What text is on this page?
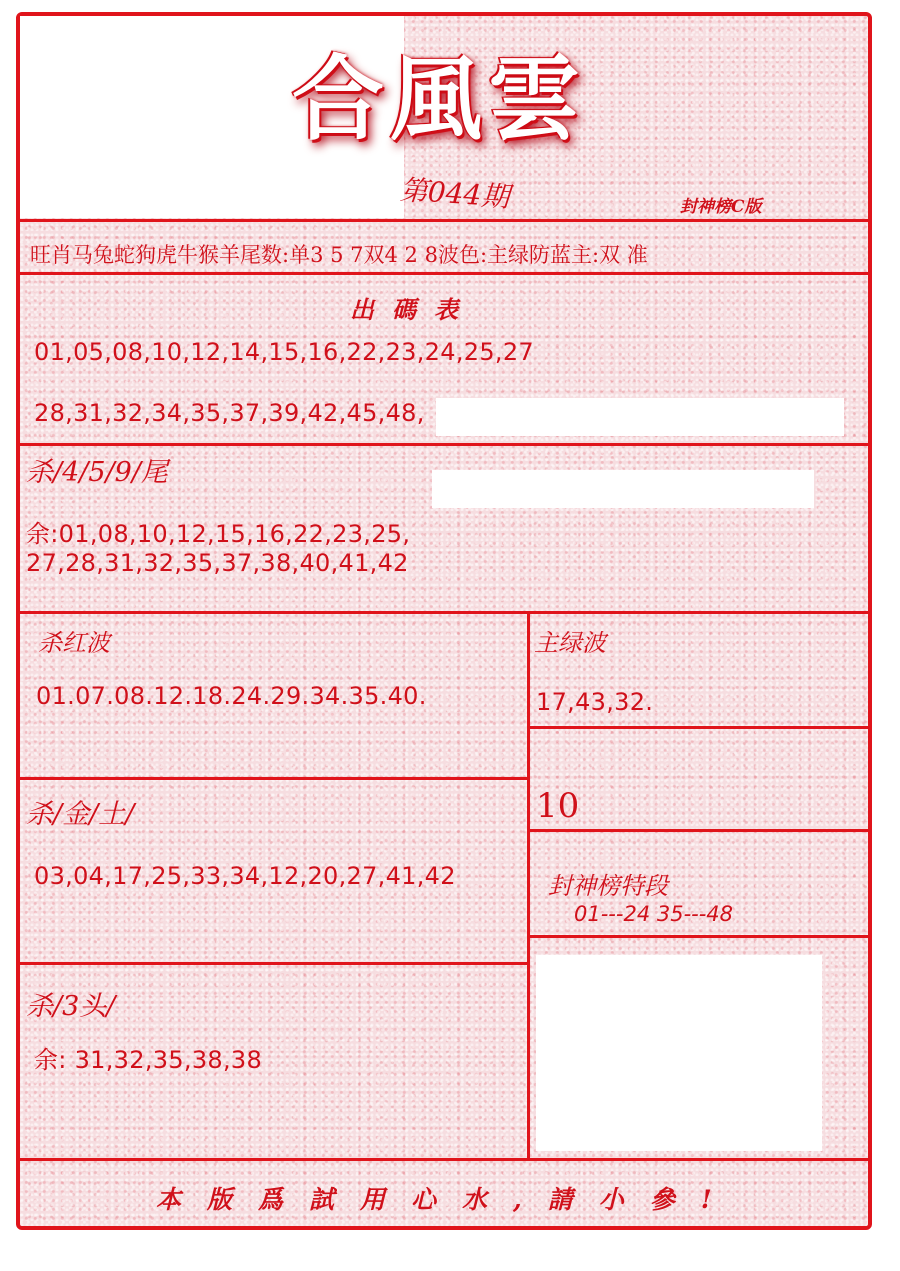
合風雲
第044期	封神榜C版
旺肖马兔蛇狗虎牛猴羊尾数:单3 5 7双4 2 8波色:主绿防蓝主:双 准
出碼表
01,05,08,10,12,14,15,16,22,23,24,25,27
28,31,32,34,35,37,39,42,45,48,
杀/4/5/9/尾
余:01,08,10,12,15,16,22,23,25,
27,28,31,32,35,37,38,40,41,42
杀红波
01.07.08.12.18.24.29.34.35.40.
主绿波
17,43,32.
10
杀/金/土/
03,04,17,25,33,34,12,20,27,41,42	封神榜特段
01---24 35---48
杀/3头/
余: 31,32,35,38,38
本版爲試用心水,請小參!
